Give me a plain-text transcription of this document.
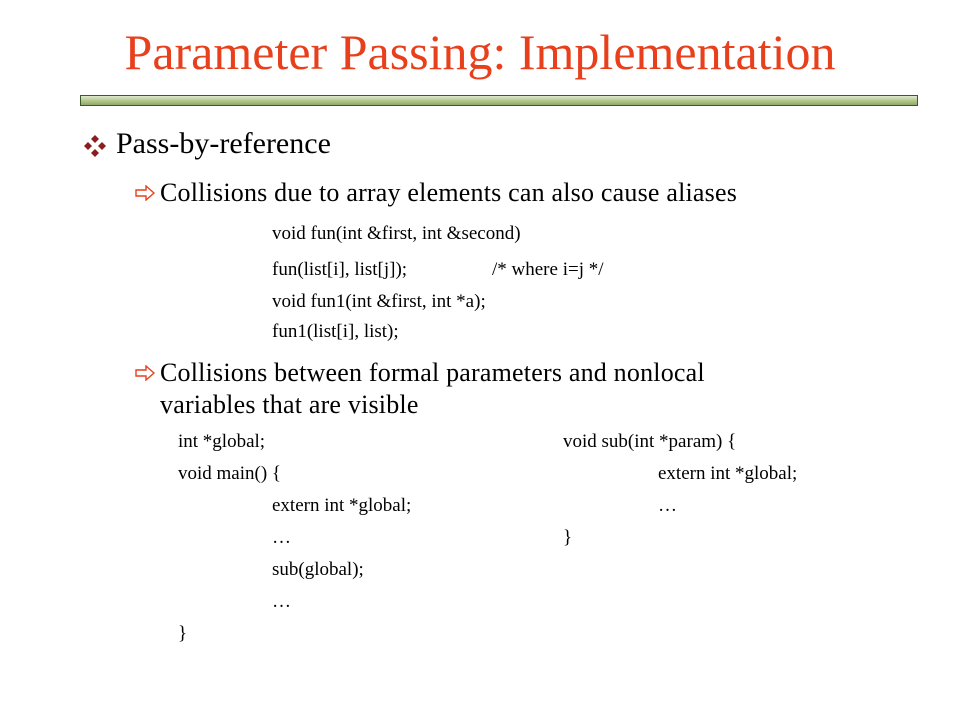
Parameter Passing: Implementation
Pass-by-reference
Collisions due to array elements can also cause aliases
void fun(int &first, int &second)
fun(list[i], list[j]);	/* where i=j */
void fun1(int &first, int *a);
fun1(list[i], list);
Collisions between formal parameters and nonlocal
variables that are visible
int *global;
void main() {
extern int *global;
…
sub(global);
…
}
void sub(int *param) {
extern int *global;
…
}
